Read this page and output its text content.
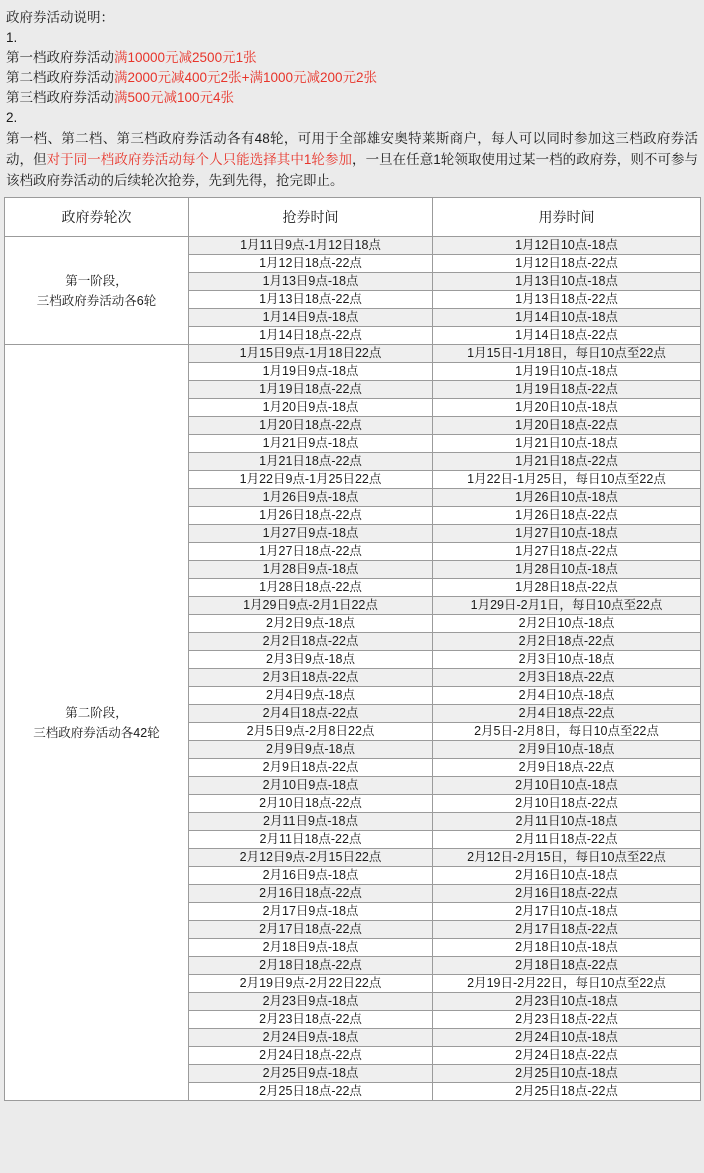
政府券活动说明：

1.

第一档政府券活动满10000元减2500元1张

第二档政府券活动满2000元减400元2张+满1000元减200元2张

第三档政府券活动满500元减100元4张

2.

第一档、第二档、第三档政府券活动各有48轮，可用于全部雄安奥特莱斯商户，每人可以同时参加这三档政府券活动，但对于同一档政府券活动每个人只能选择其中1轮参加，一旦在任意1轮领取使用过某一档的政府券，则不可参与该档政府券活动的后续轮次抢券，先到先得，抢完即止。

政府券轮次	抢券时间	用券时间
第一阶段，
三档政府券活动各6轮	1月11日9点-1月12日18点	1月12日10点-18点
	1月12日18点-22点	1月12日18点-22点
	1月13日9点-18点	1月13日10点-18点
	1月13日18点-22点	1月13日18点-22点
	1月14日9点-18点	1月14日10点-18点
	1月14日18点-22点	1月14日18点-22点
第二阶段，
三档政府券活动各42轮	1月15日9点-1月18日22点	1月15日-1月18日，每日10点至22点
	1月19日9点-18点	1月19日10点-18点
	1月19日18点-22点	1月19日18点-22点
	1月20日9点-18点	1月20日10点-18点
	1月20日18点-22点	1月20日18点-22点
	1月21日9点-18点	1月21日10点-18点
	1月21日18点-22点	1月21日18点-22点
	1月22日9点-1月25日22点	1月22日-1月25日，每日10点至22点
	1月26日9点-18点	1月26日10点-18点
	1月26日18点-22点	1月26日18点-22点
	1月27日9点-18点	1月27日10点-18点
	1月27日18点-22点	1月27日18点-22点
	1月28日9点-18点	1月28日10点-18点
	1月28日18点-22点	1月28日18点-22点
	1月29日9点-2月1日22点	1月29日-2月1日，每日10点至22点
	2月2日9点-18点	2月2日10点-18点
	2月2日18点-22点	2月2日18点-22点
	2月3日9点-18点	2月3日10点-18点
	2月3日18点-22点	2月3日18点-22点
	2月4日9点-18点	2月4日10点-18点
	2月4日18点-22点	2月4日18点-22点
	2月5日9点-2月8日22点	2月5日-2月8日，每日10点至22点
	2月9日9点-18点	2月9日10点-18点
	2月9日18点-22点	2月9日18点-22点
	2月10日9点-18点	2月10日10点-18点
	2月10日18点-22点	2月10日18点-22点
	2月11日9点-18点	2月11日10点-18点
	2月11日18点-22点	2月11日18点-22点
	2月12日9点-2月15日22点	2月12日-2月15日，每日10点至22点
	2月16日9点-18点	2月16日10点-18点
	2月16日18点-22点	2月16日18点-22点
	2月17日9点-18点	2月17日10点-18点
	2月17日18点-22点	2月17日18点-22点
	2月18日9点-18点	2月18日10点-18点
	2月18日18点-22点	2月18日18点-22点
	2月19日9点-2月22日22点	2月19日-2月22日，每日10点至22点
	2月23日9点-18点	2月23日10点-18点
	2月23日18点-22点	2月23日18点-22点
	2月24日9点-18点	2月24日10点-18点
	2月24日18点-22点	2月24日18点-22点
	2月25日9点-18点	2月25日10点-18点
	2月25日18点-22点	2月25日18点-22点
